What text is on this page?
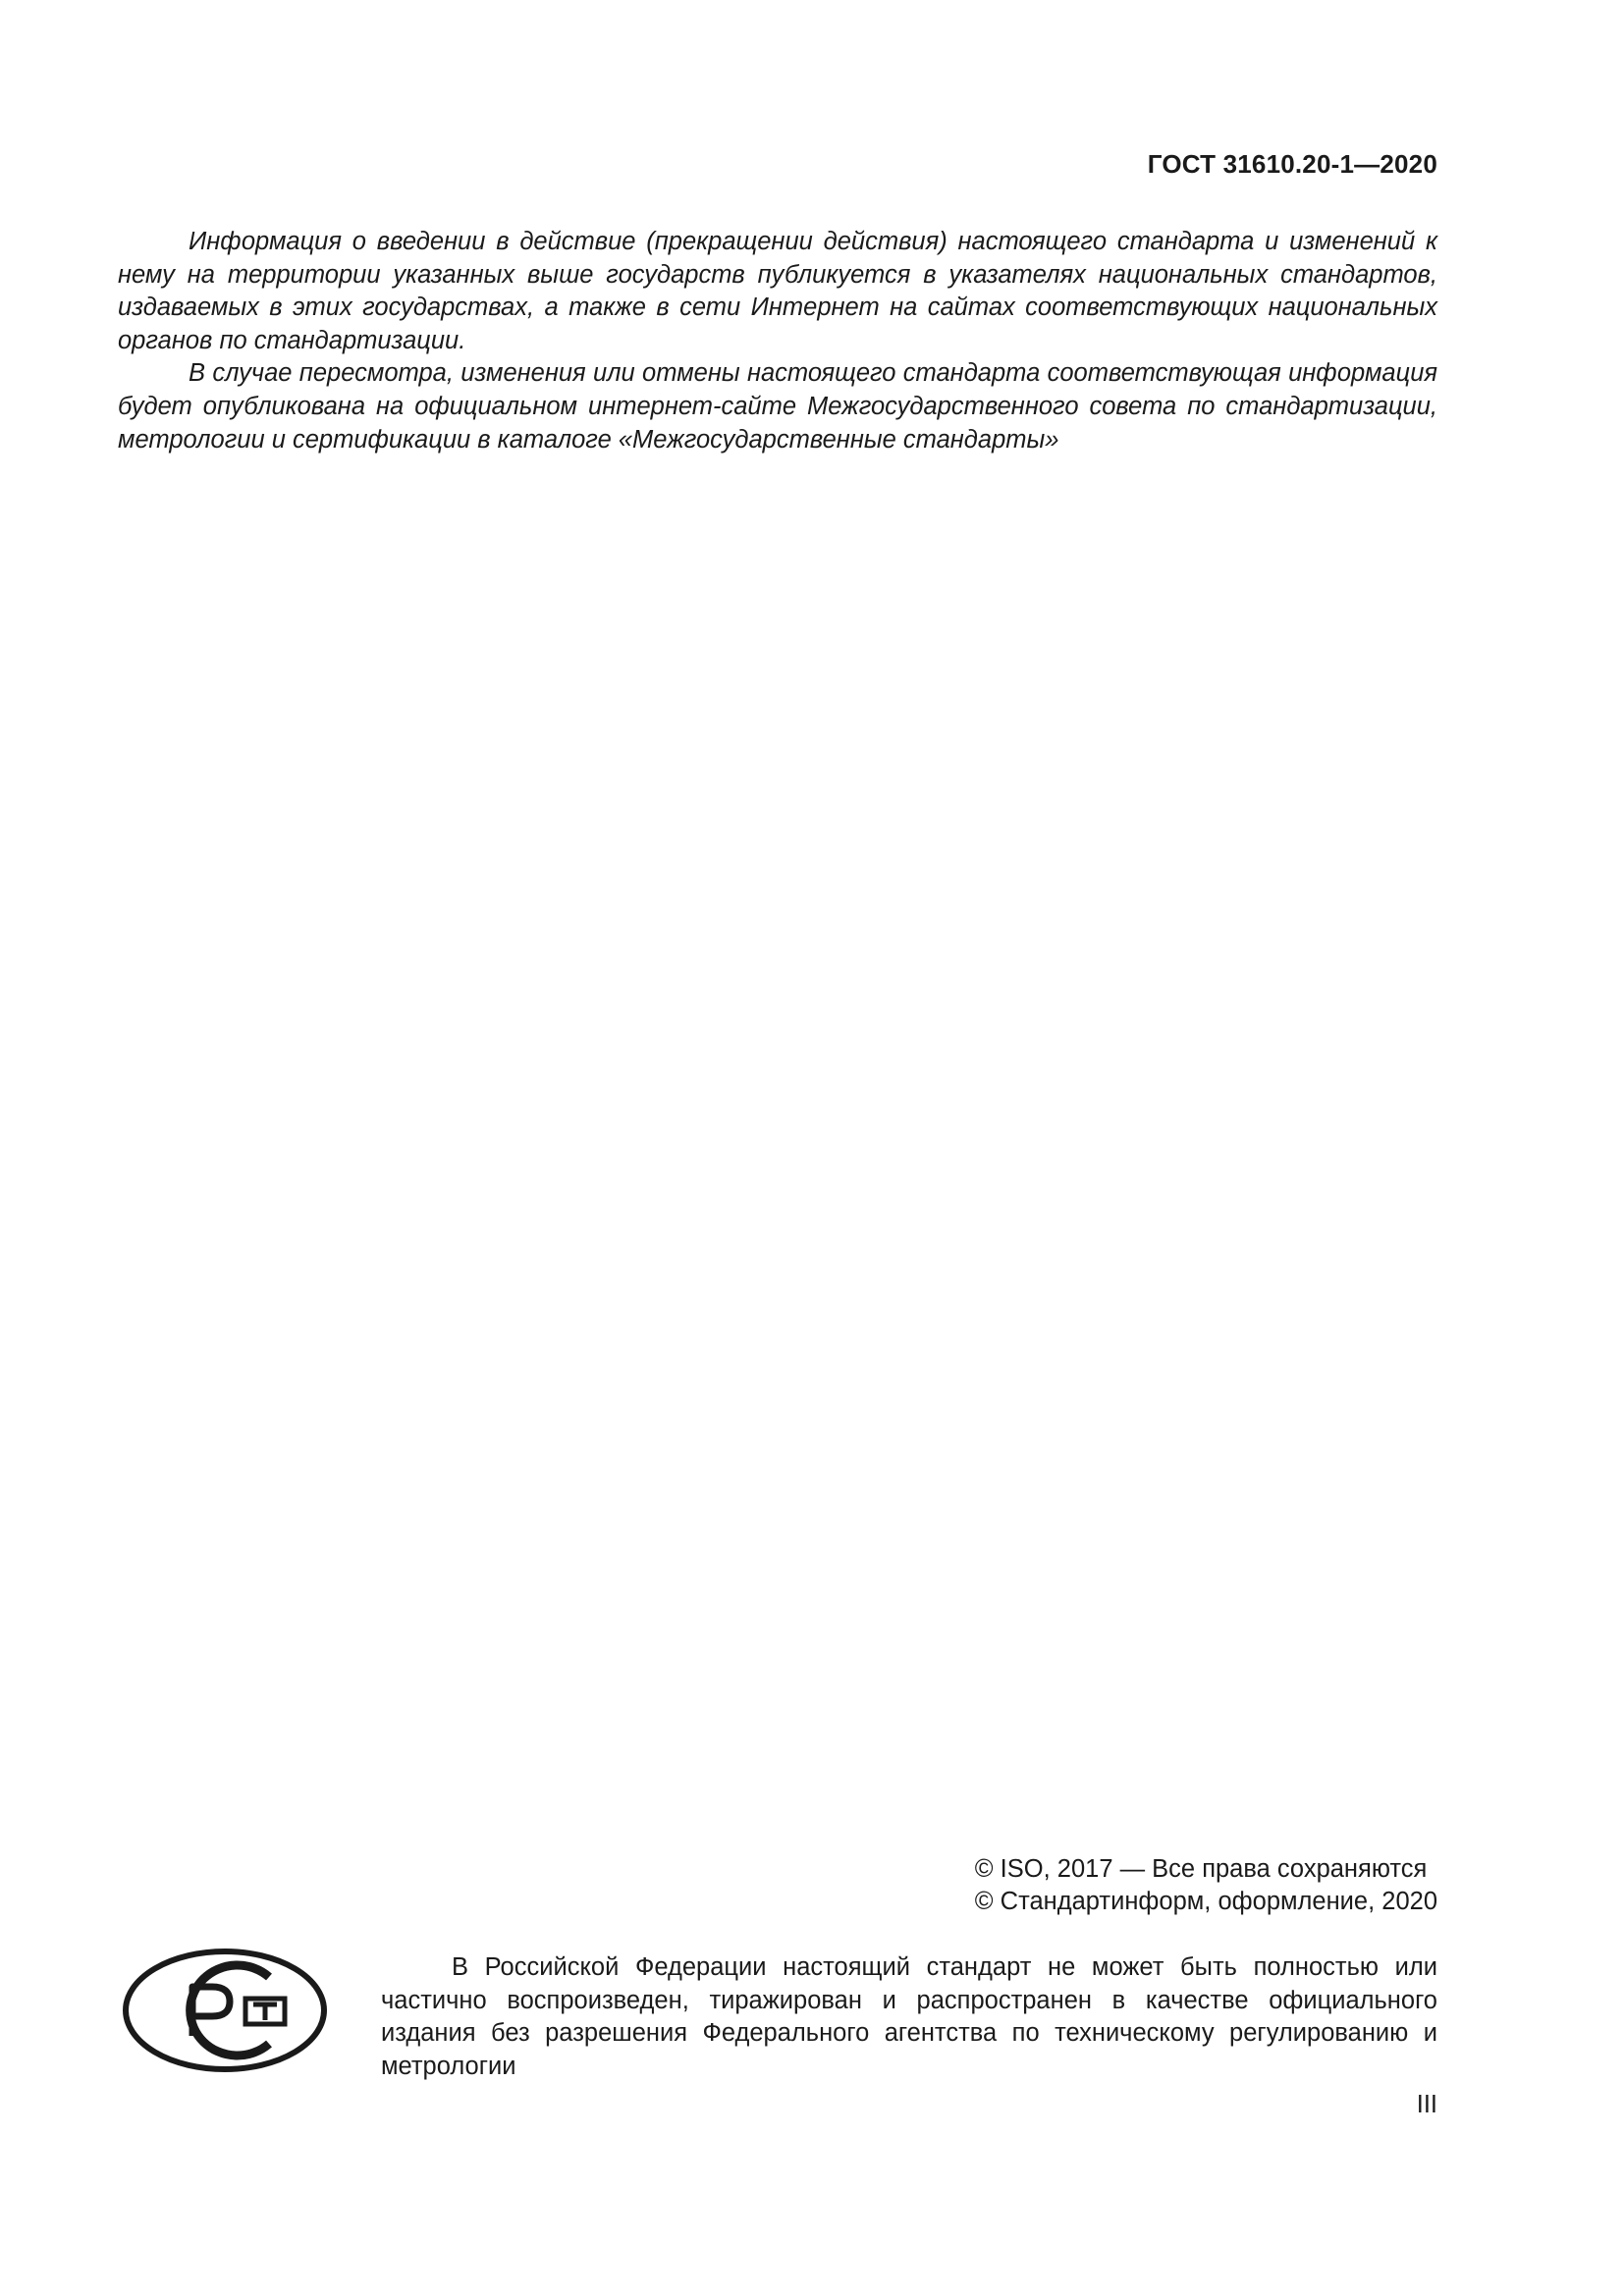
ГОСТ 31610.20-1—2020

Информация о введении в действие (прекращении действия) настоящего стандарта и изменений к нему на территории указанных выше государств публикуется в указателях национальных стандартов, издаваемых в этих государствах, а также в сети Интернет на сайтах соответствующих национальных органов по стандартизации.

В случае пересмотра, изменения или отмены настоящего стандарта соответствующая информация будет опубликована на официальном интернет-сайте Межгосударственного совета по стандартизации, метрологии и сертификации в каталоге «Межгосударственные стандарты»

© ISO, 2017 — Все права сохраняются
© Стандартинформ, оформление, 2020

В Российской Федерации настоящий стандарт не может быть полностью или частично воспроизведен, тиражирован и распространен в качестве официального издания без разрешения Федерального агентства по техническому регулированию и метрологии

III
